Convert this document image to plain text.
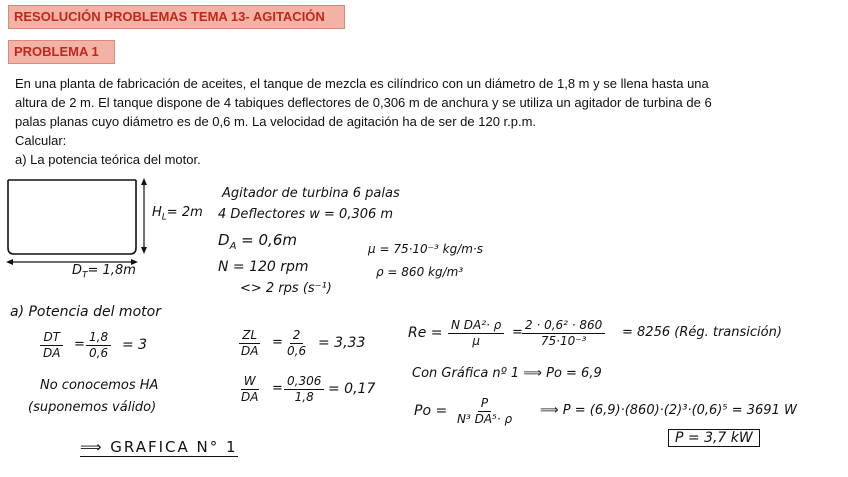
RESOLUCIÓN PROBLEMAS TEMA 13- AGITACIÓN
PROBLEMA 1

En una planta de fabricación de aceites, el tanque de mezcla es cilíndrico con un diámetro de 1,8 m y se llena hasta una

altura de 2 m. El tanque dispone de 4 tabiques deflectores de 0,306 m de anchura y se utiliza un agitador de turbina de 6

palas planas cuyo diámetro es de 0,6 m. La velocidad de agitación ha de ser de 120 r.p.m.

Calcular:

a) La potencia teórica del motor.

$H_L= 2m$
$D_T= 1,8m$
Agitador de turbina 6 palas
4 Deflectores w = 0,306 m
$D_A = 0,6m$
N = 120 rpm
<> 2 rps (s⁻¹)
μ = 75·10⁻³ kg/m·s
ρ = 860 kg/m³
a) Potencia del motor
$\frac{DT}{DA} = \frac{1,8}{0,6} = 3$	$\frac{ZL}{DA} = \frac{2}{0,6} = 3,33$
$\frac{W}{DA} = \frac{0,306}{1,8} = 0,17$
No conocemos HA
(suponemos válido)
⟹ GRAFICA N° 1
$Re = \frac{\text{N DA²· ρ}}{\mu} = \frac{\text{2 · 0,6² · 860}}{\text{75·10⁻³}} = 8256$ (Rég. transición)
Con Gráfica nº 1 ⟹ Po = 6,9
$Po = \frac{P}{\text{N³ DA⁵· ρ}}$ ⟹ P = (6,9)·(860)·(2)³·(0,6)⁵ = 3691 W
P = 3,7 kW
